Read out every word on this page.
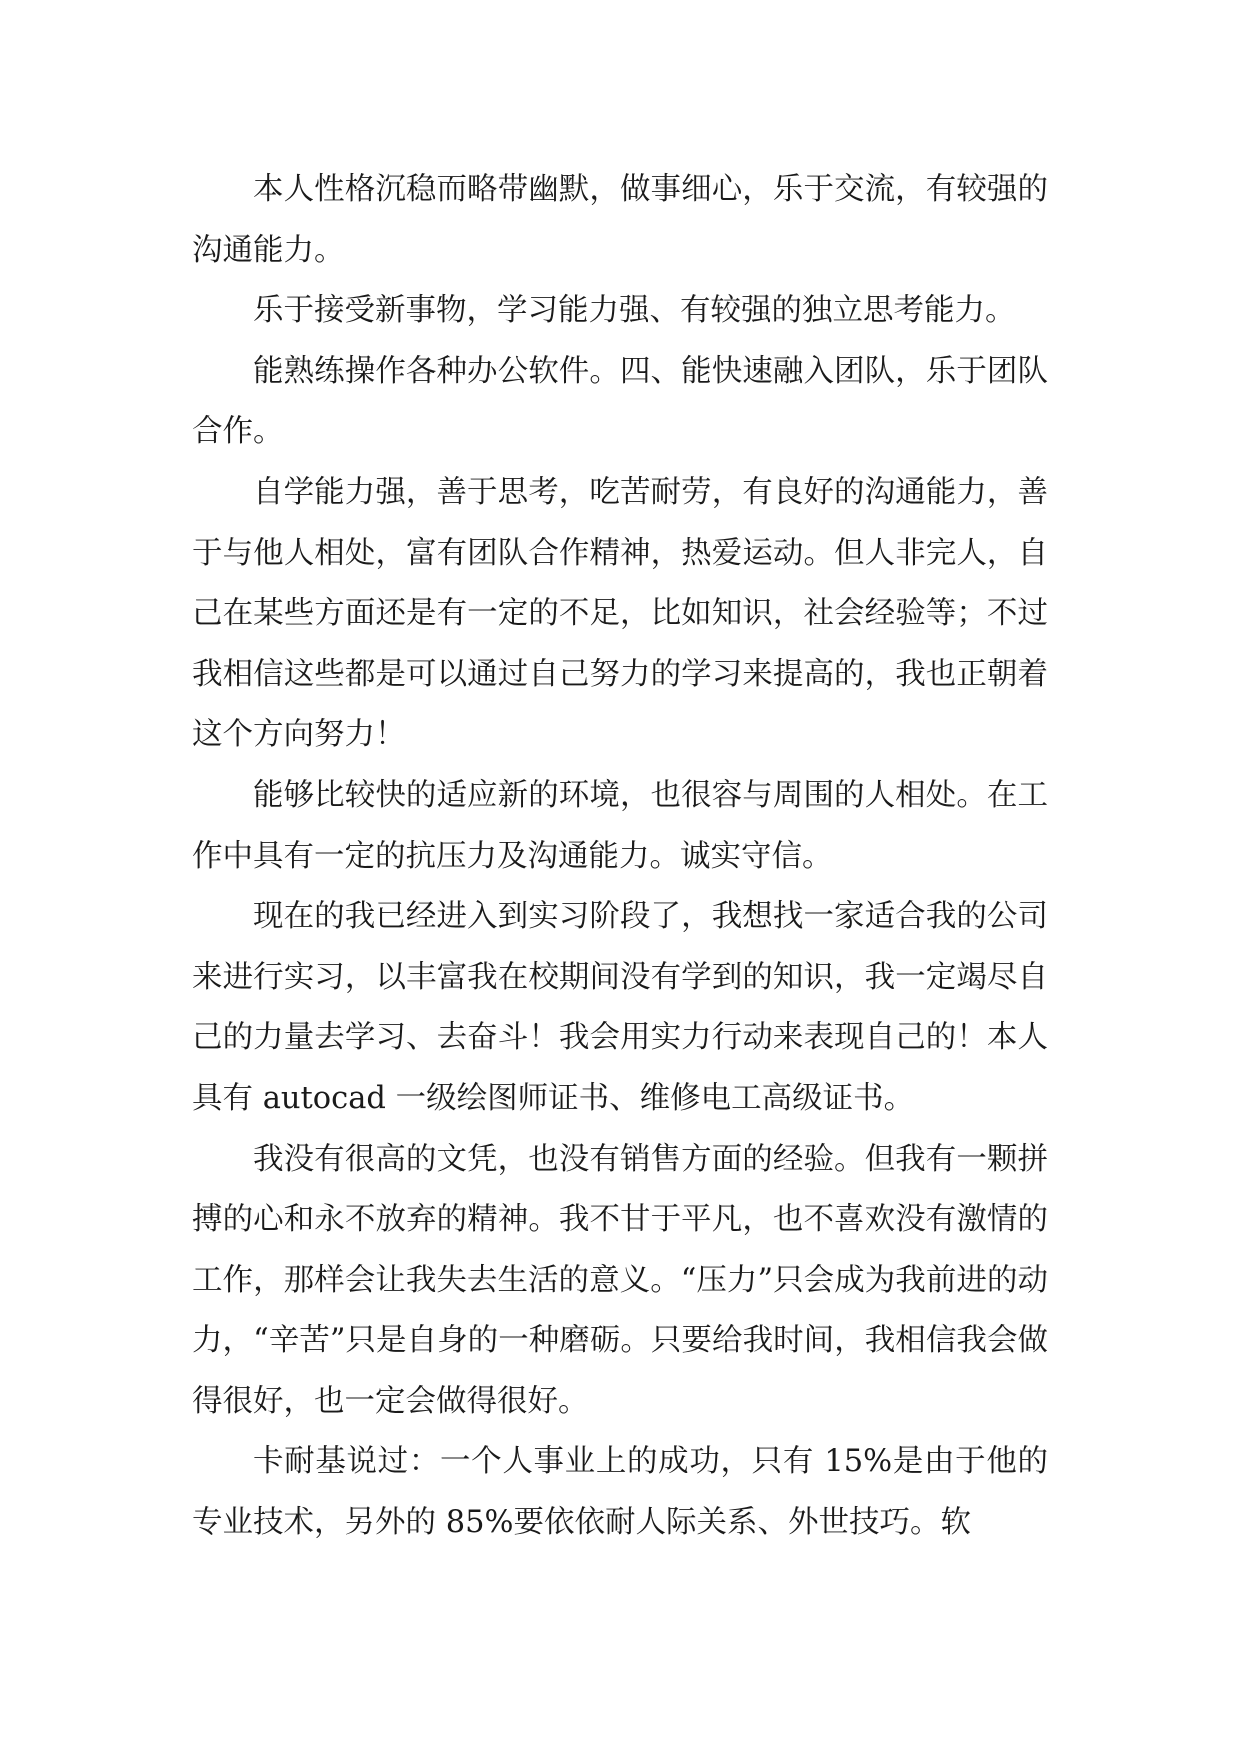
本人性格沉稳而略带幽默，做事细心，乐于交流，有较强的沟通能力。

乐于接受新事物，学习能力强、有较强的独立思考能力。

能熟练操作各种办公软件。四、能快速融入团队，乐于团队合作。

自学能力强，善于思考，吃苦耐劳，有良好的沟通能力，善于与他人相处，富有团队合作精神，热爱运动。但人非完人，自己在某些方面还是有一定的不足，比如知识，社会经验等；不过我相信这些都是可以通过自己努力的学习来提高的，我也正朝着这个方向努力！

能够比较快的适应新的环境，也很容与周围的人相处。在工作中具有一定的抗压力及沟通能力。诚实守信。

现在的我已经进入到实习阶段了，我想找一家适合我的公司来进行实习，以丰富我在校期间没有学到的知识，我一定竭尽自己的力量去学习、去奋斗！我会用实力行动来表现自己的！本人具有 autocad 一级绘图师证书、维修电工高级证书。

我没有很高的文凭，也没有销售方面的经验。但我有一颗拼搏的心和永不放弃的精神。我不甘于平凡，也不喜欢没有激情的工作，那样会让我失去生活的意义。“压力”只会成为我前进的动力，“辛苦”只是自身的一种磨砺。只要给我时间，我相信我会做得很好，也一定会做得很好。

卡耐基说过：一个人事业上的成功，只有 15%是由于他的专业技术，另外的 85%要依依耐人际关系、外世技巧。软
